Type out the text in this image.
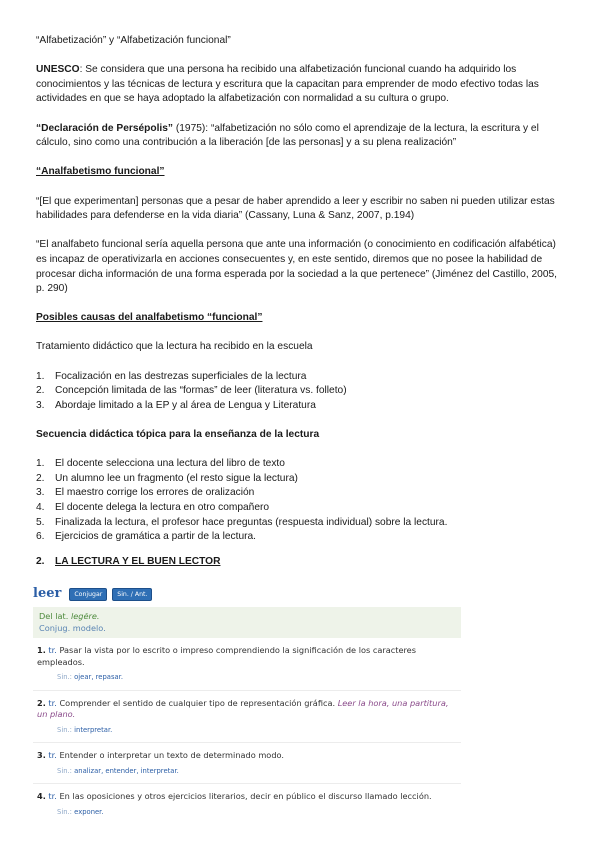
“Alfabetización” y “Alfabetización funcional”

UNESCO: Se considera que una persona ha recibido una alfabetización funcional cuando ha adquirido los conocimientos y las técnicas de lectura y escritura que la capacitan para emprender de modo efectivo todas las actividades en que se haya adoptado la alfabetización con normalidad a su cultura o grupo.

“Declaración de Persépolis” (1975): “alfabetización no sólo como el aprendizaje de la lectura, la escritura y el cálculo, sino como una contribución a la liberación [de las personas] y a su plena realización”

“Analfabetismo funcional”

“[El que experimentan] personas que a pesar de haber aprendido a leer y escribir no saben ni pueden utilizar estas habilidades para defenderse en la vida diaria” (Cassany, Luna & Sanz, 2007, p.194)

“El analfabeto funcional sería aquella persona que ante una información (o conocimiento en codificación alfabética) es incapaz de operativizarla en acciones consecuentes y, en este sentido, diremos que no posee la habilidad de procesar dicha información de una forma esperada por la sociedad a la que pertenece” (Jiménez del Castillo, 2005, p. 290)

Posibles causas del analfabetismo “funcional”

Tratamiento didáctico que la lectura ha recibido en la escuela

1. Focalización en las destrezas superficiales de la lectura
2. Concepción limitada de las “formas” de leer (literatura vs. folleto)
3. Abordaje limitado a la EP y al área de Lengua y Literatura

Secuencia didáctica tópica para la enseñanza de la lectura

1. El docente selecciona una lectura del libro de texto
2. Un alumno lee un fragmento (el resto sigue la lectura)
3. El maestro corrige los errores de oralización
4. El docente delega la lectura en otro compañero
5. Finalizada la lectura, el profesor hace preguntas (respuesta individual) sobre la lectura.
6. Ejercicios de gramática a partir de la lectura.

2. LA LECTURA Y EL BUEN LECTOR

leer	Conjugar	Sin. / Ant.
Del lat. legĕre.
Conjug. modelo.
1. tr. Pasar la vista por lo escrito o impreso comprendiendo la significación de los caracteres empleados.
Sin.: ojear, repasar.
2. tr. Comprender el sentido de cualquier tipo de representación gráfica. Leer la hora, una partitura, un plano.
Sin.: interpretar.
3. tr. Entender o interpretar un texto de determinado modo.
Sin.: analizar, entender, interpretar.
4. tr. En las oposiciones y otros ejercicios literarios, decir en público el discurso llamado lección.
Sin.: exponer.
